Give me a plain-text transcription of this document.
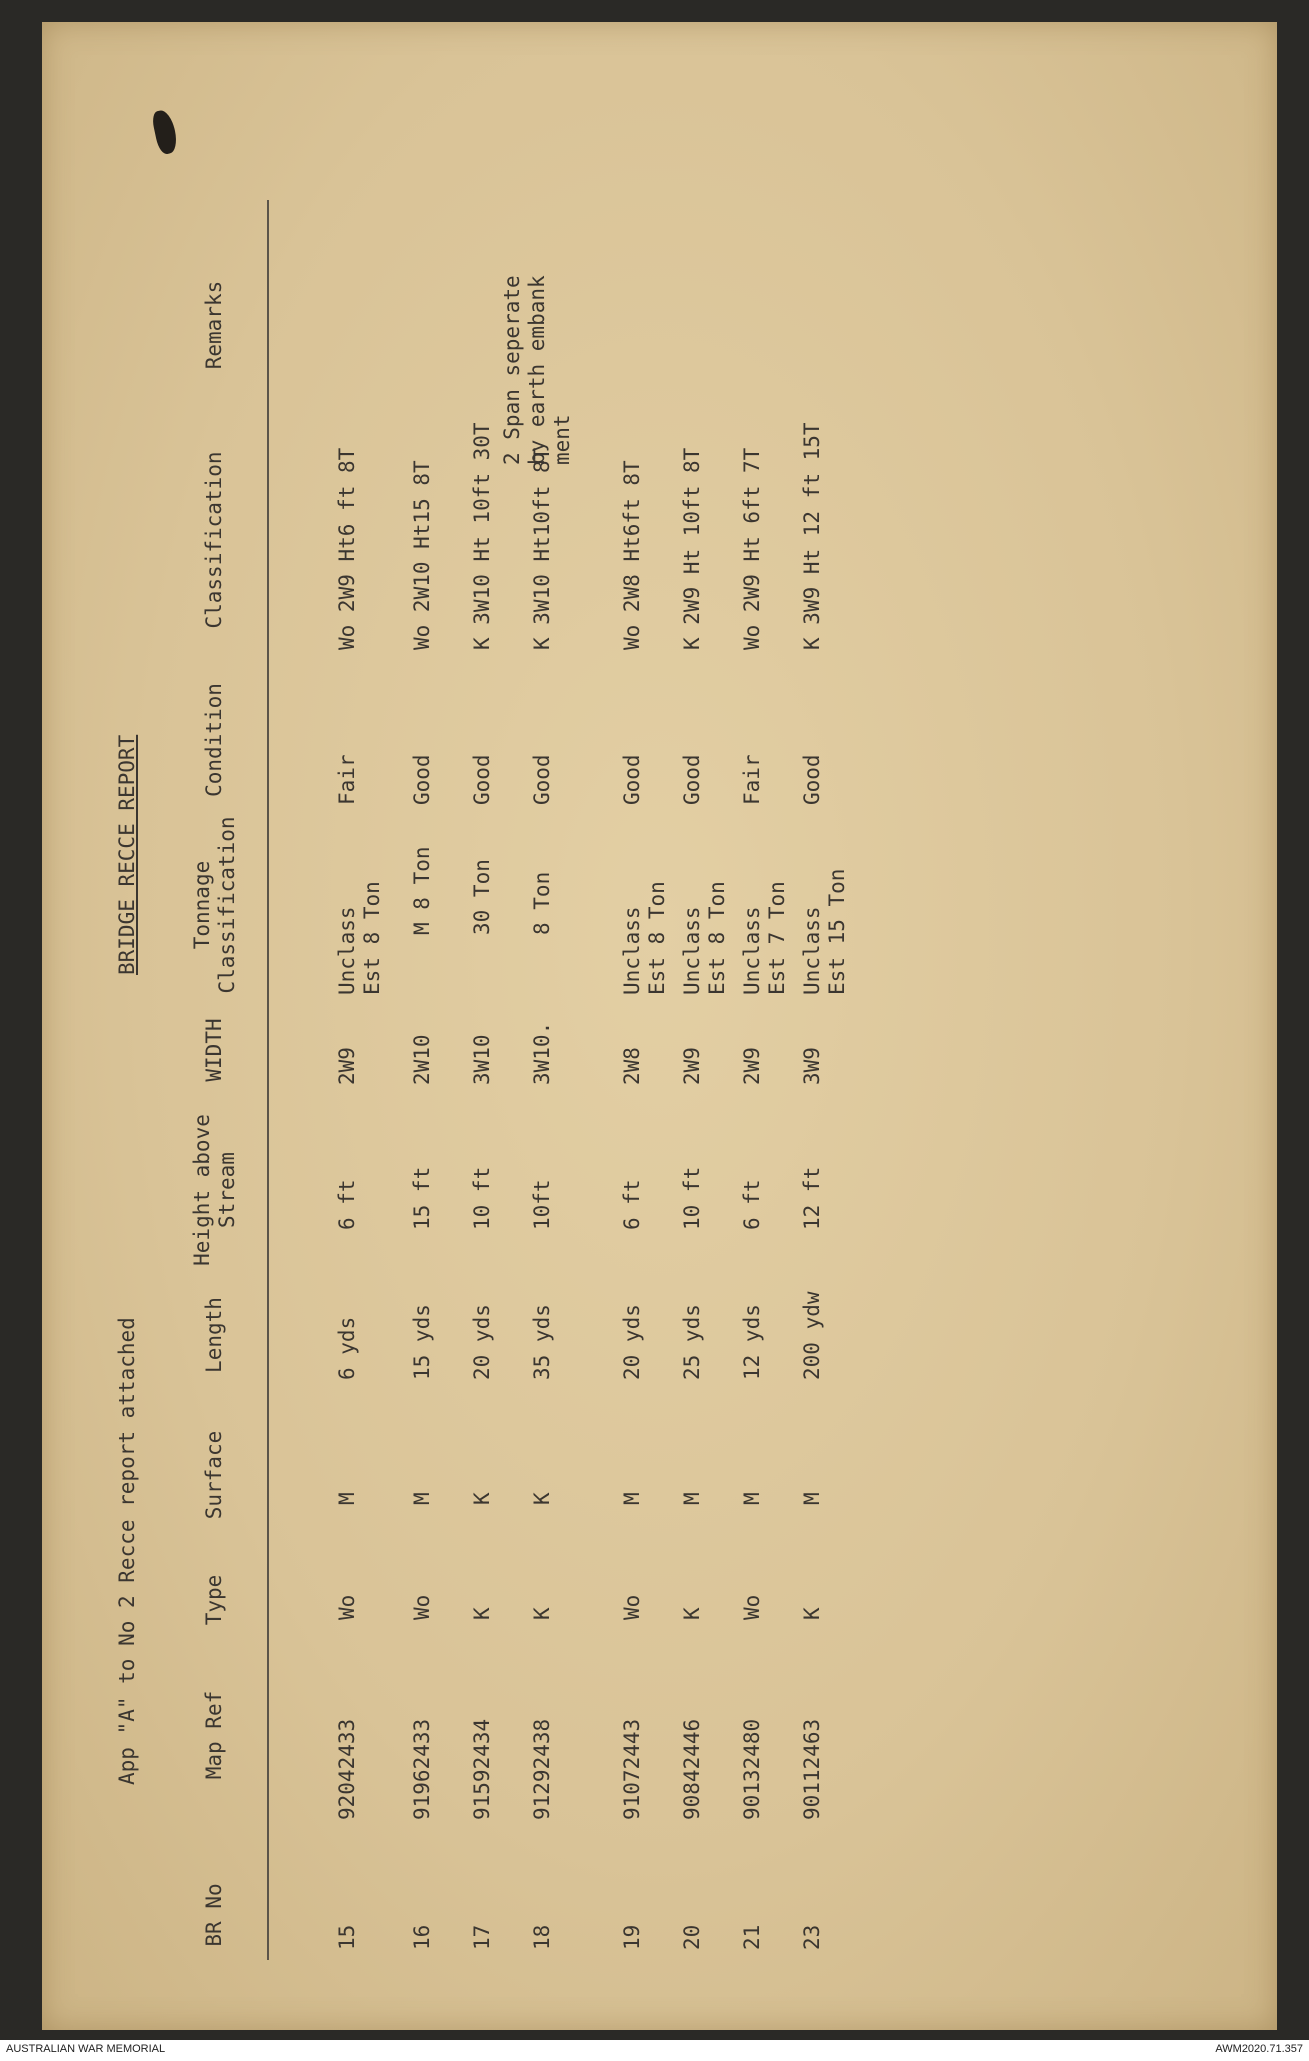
App "A" to No 2 Recce report attached
BRIDGE RECCE REPORT
BR No
Map Ref
Type
Surface
Length
Height above Stream
WIDTH
Tonnage Classification
Condition
Classification
Remarks
15
92042433
Wo
M
6 yds
6 ft
2W9
Unclass Est 8 Ton
Fair
Wo 2W9 Ht6 ft 8T
16
91962433
Wo
M
15 yds
15 ft
2W10
M 8 Ton
Good
Wo 2W10 Ht15 8T
17
91592434
K
K
20 yds
10 ft
3W10
30 Ton
Good
K 3W10 Ht 10ft 30T
18
91292438
K
K
35 yds
10ft
3W10.
8 Ton
Good
K 3W10 Ht10ft 8T
2 Span seperate by earth embank ment
19
91072443
Wo
M
20 yds
6 ft
2W8
Unclass Est 8 Ton
Good
Wo 2W8 Ht6ft 8T
20
90842446
K
M
25 yds
10 ft
2W9
Unclass Est 8 Ton
Good
K 2W9 Ht 10ft 8T
21
90132480
Wo
M
12 yds
6 ft
2W9
Unclass Est 7 Ton
Fair
Wo 2W9 Ht 6ft 7T
23
90112463
K
M
200 ydw
12 ft
3W9
Unclass Est 15 Ton
Good
K 3W9 Ht 12 ft 15T
AUSTRALIAN WAR MEMORIAL	AWM2020.71.357
